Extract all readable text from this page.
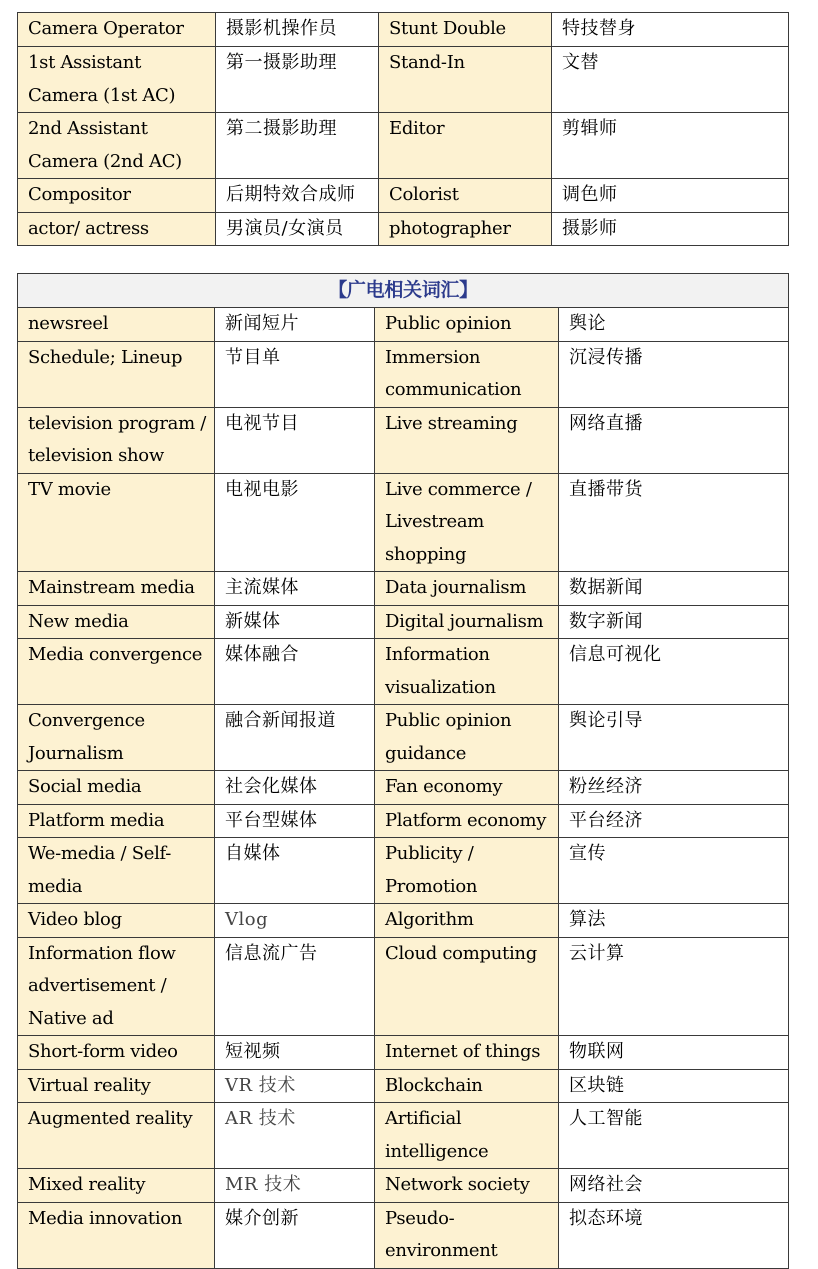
Camera Operator	摄影机操作员	Stunt Double	特技替身
1st Assistant Camera (1st AC)	第一摄影助理	Stand-In	文替
2nd Assistant Camera (2nd AC)	第二摄影助理	Editor	剪辑师
Compositor	后期特效合成师	Colorist	调色师
actor/ actress	男演员/女演员	photographer	摄影师
【广电相关词汇】			
newsreel	新闻短片	Public opinion	舆论
Schedule; Lineup	节目单	Immersion communication	沉浸传播
television program / television show	电视节目	Live streaming	网络直播
TV movie	电视电影	Live commerce / Livestream shopping	直播带货
Mainstream media	主流媒体	Data journalism	数据新闻
New media	新媒体	Digital journalism	数字新闻
Media convergence	媒体融合	Information visualization	信息可视化
Convergence Journalism	融合新闻报道	Public opinion guidance	舆论引导
Social media	社会化媒体	Fan economy	粉丝经济
Platform media	平台型媒体	Platform economy	平台经济
We-media / Self-media	自媒体	Publicity / Promotion	宣传
Video blog	Vlog	Algorithm	算法
Information flow advertisement / Native ad	信息流广告	Cloud computing	云计算
Short-form video	短视频	Internet of things	物联网
Virtual reality	VR 技术	Blockchain	区块链
Augmented reality	AR 技术	Artificial intelligence	人工智能
Mixed reality	MR 技术	Network society	网络社会
Media innovation	媒介创新	Pseudo-environment	拟态环境
